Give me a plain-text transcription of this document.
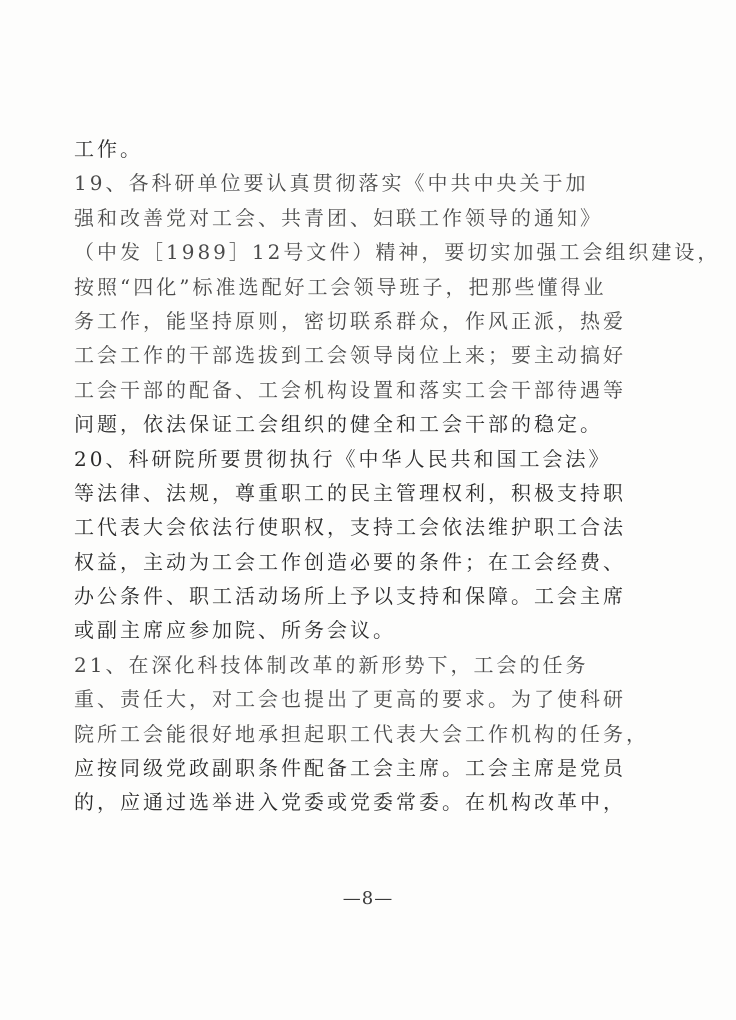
工作。
19、各科研单位要认真贯彻落实《中共中央关于加
强和改善党对工会、共青团、妇联工作领导的通知》
（中发［1989］12号文件）精神，要切实加强工会组织建设，
按照“四化”标准选配好工会领导班子，把那些懂得业
务工作，能坚持原则，密切联系群众，作风正派，热爱
工会工作的干部选拔到工会领导岗位上来；要主动搞好
工会干部的配备、工会机构设置和落实工会干部待遇等
问题，依法保证工会组织的健全和工会干部的稳定。
20、科研院所要贯彻执行《中华人民共和国工会法》
等法律、法规，尊重职工的民主管理权利，积极支持职
工代表大会依法行使职权，支持工会依法维护职工合法
权益，主动为工会工作创造必要的条件；在工会经费、
办公条件、职工活动场所上予以支持和保障。工会主席
或副主席应参加院、所务会议。
21、在深化科技体制改革的新形势下，工会的任务
重、责任大，对工会也提出了更高的要求。为了使科研
院所工会能很好地承担起职工代表大会工作机构的任务，
应按同级党政副职条件配备工会主席。工会主席是党员
的，应通过选举进入党委或党委常委。在机构改革中，
—8—
